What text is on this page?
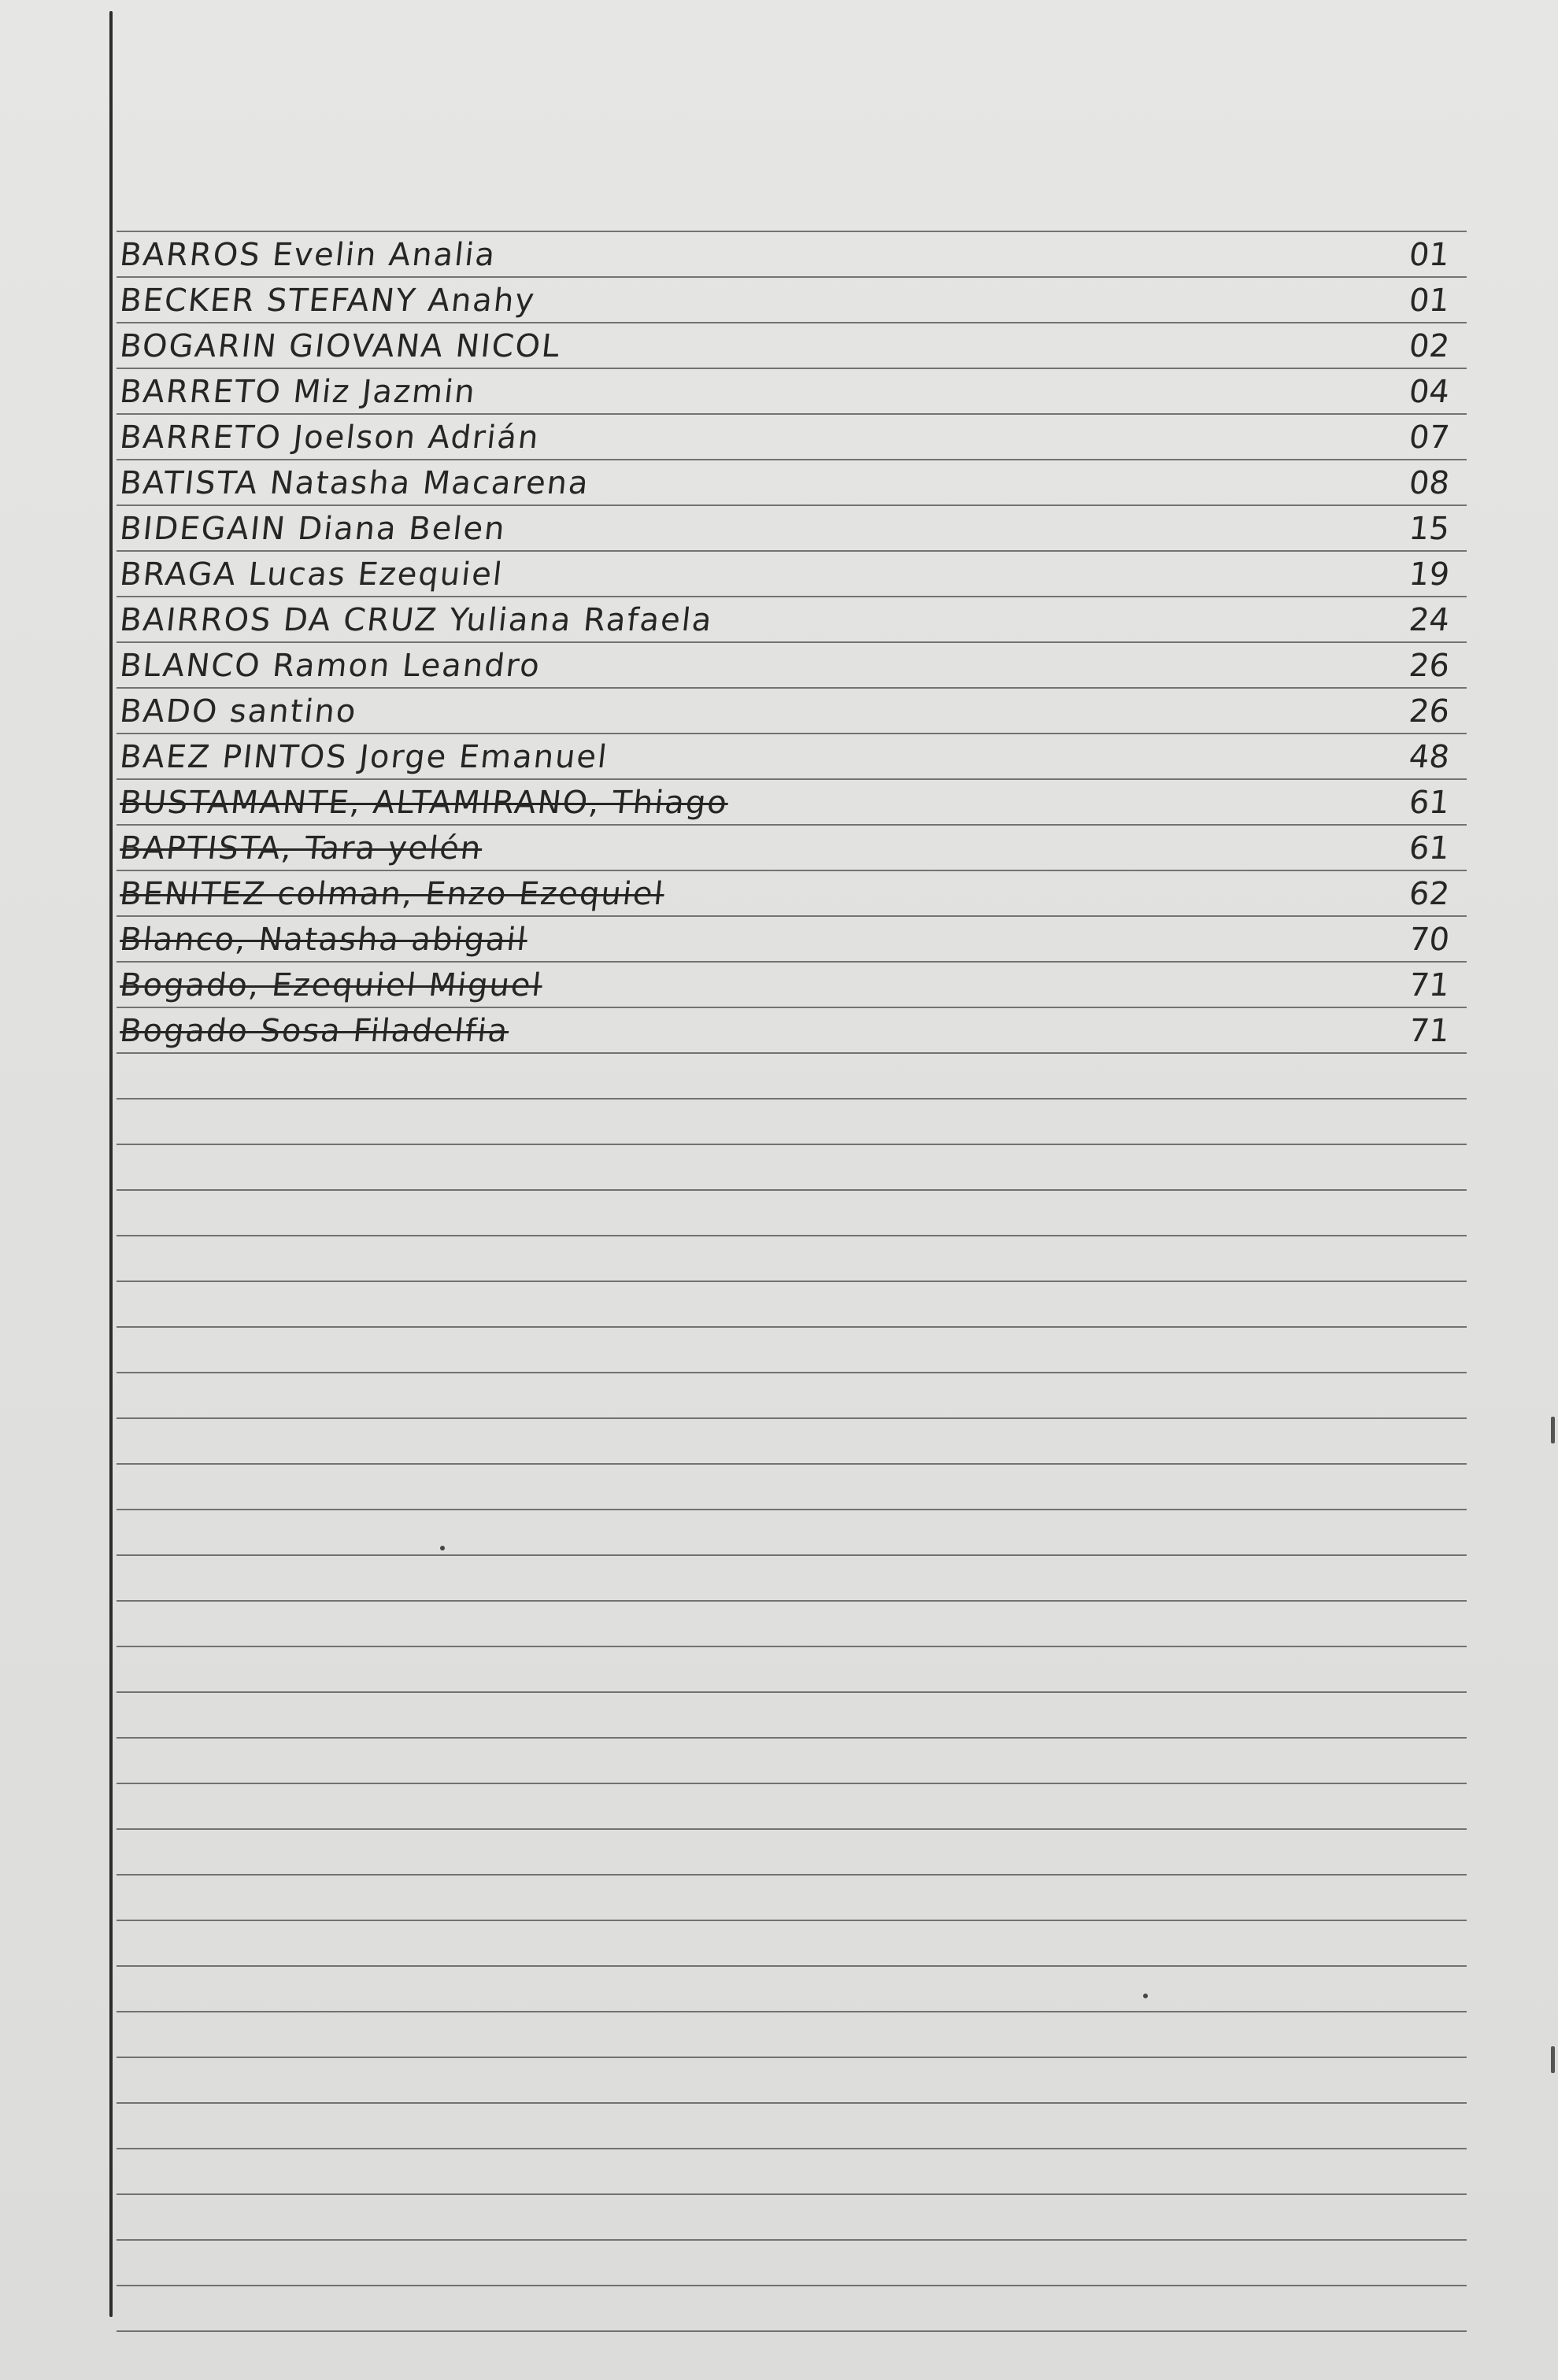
BARROS Evelin Analia	01
BECKER STEFANY Anahy	01
BOGARIN GIOVANA NICOL	02
BARRETO Miz Jazmin	04
BARRETO Joelson Adrián	07
BATISTA Natasha Macarena	08
BIDEGAIN Diana Belen	15
BRAGA Lucas Ezequiel	19
BAIRROS DA CRUZ Yuliana Rafaela	24
BLANCO Ramon Leandro	26
BADO santino	26
BAEZ PINTOS Jorge Emanuel	48
BUSTAMANTE, ALTAMIRANO, Thiago	61
BAPTISTA, Tara yelén	61
BENITEZ colman, Enzo Ezequiel	62
Blanco, Natasha abigail	70
Bogado, Ezequiel Miguel	71
Bogado Sosa Filadelfia	71
